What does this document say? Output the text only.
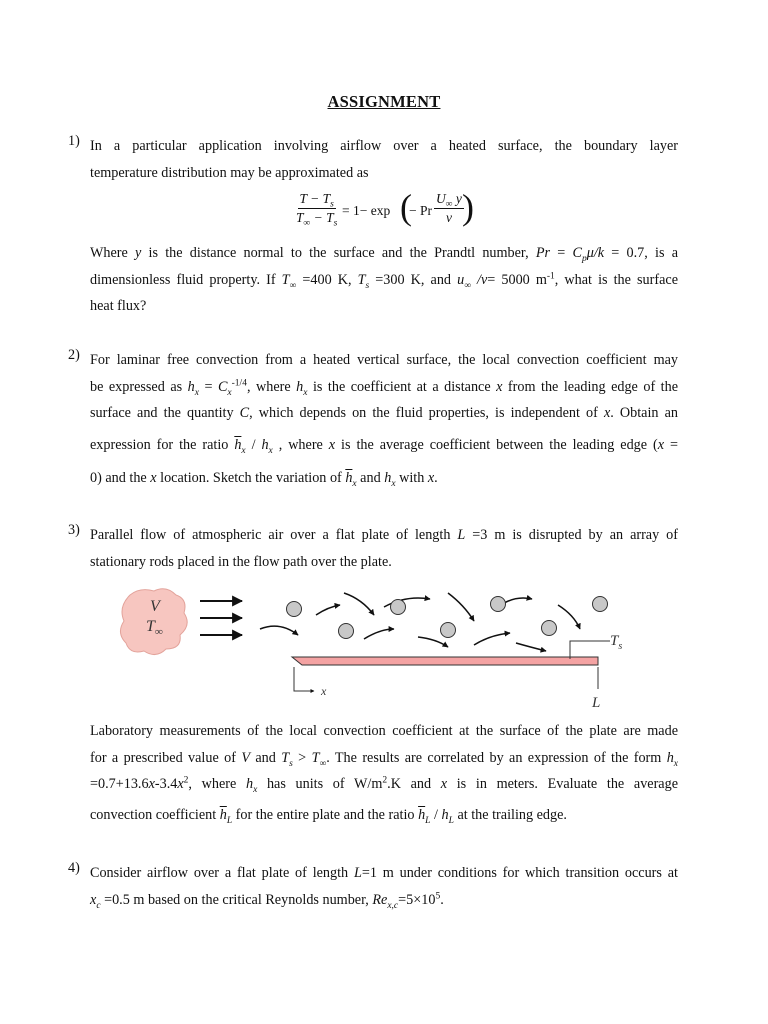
ASSIGNMENT
1) In a particular application involving airflow over a heated surface, the boundary layer
temperature distribution may be approximated as
$\frac{T - T_s}{T_\infty - T_s} = 1- \exp$ (
− Pr $\frac{U_\infty y}{\nu}$
)
Where y is the distance normal to the surface and the Prandtl number, $Pr = C_p\mu/k = 0.7$, is a
dimensionless fluid property. If $T_\infty =400$ K, $T_s =300$ K, and $u_\infty$ /v= 5000 $m^{-1}$, what is the surface
heat flux?
2) For laminar free convection from a heated vertical surface, the local convection coefficient may
be expressed as $h_x = C_x^{-1/4}$, where $h_x$ is the coefficient at a distance x from the leading edge of the
surface and the quantity C, which depends on the fluid properties, is independent of x. Obtain an
expression for the ratio $\overline{h}_x / h_x$ , where x is the average coefficient between the leading edge (x =
0) and the x location. Sketch the variation of $\overline{h}_x$ and $h_x$ with x.
3) Parallel flow of atmospheric air over a flat plate of length L =3 m is disrupted by an array of
stationary rods placed in the flow path over the plate.
V
$T_\infty$
$T_s$
x
L
Laboratory measurements of the local convection coefficient at the surface of the plate are made
for a prescribed value of V and $T_s > T_\infty$. The results are correlated by an expression of the form $h_x$
$=0.7+13.6x-3.4x^2$, where $h_x$ has units of $W/m^2.K$ and x is in meters. Evaluate the average
convection coefficient $\overline{h}_L$ for the entire plate and the ratio $\overline{h}_L / h_L$ at the trailing edge.
4) Consider airflow over a flat plate of length L=1 m under conditions for which transition occurs at
$x_c =0.5$ m based on the critical Reynolds number, $Re_{x,c}=5\times 10^5$.
